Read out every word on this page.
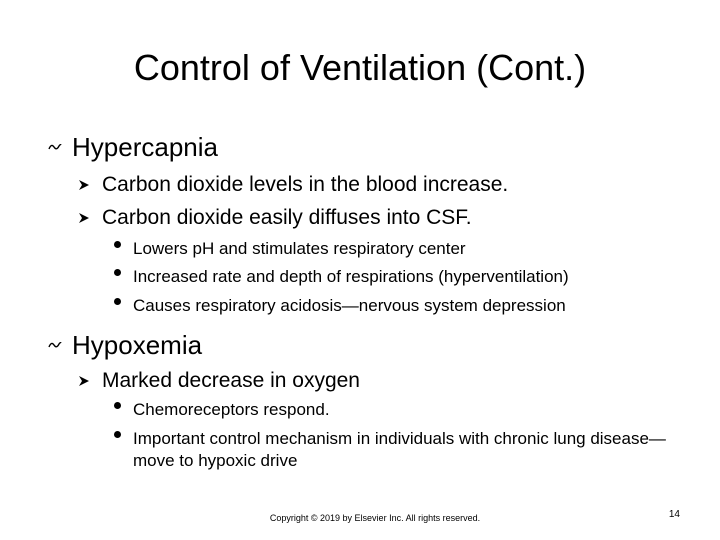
Control of Ventilation (Cont.)
Hypercapnia
Carbon dioxide levels in the blood increase.
Carbon dioxide easily diffuses into CSF.
Lowers pH and stimulates respiratory center
Increased rate and depth of respirations (hyperventilation)
Causes respiratory acidosis—nervous system depression
Hypoxemia
Marked decrease in oxygen
Chemoreceptors respond.
Important control mechanism in individuals with chronic lung disease—move to hypoxic drive
Copyright © 2019 by Elsevier Inc. All rights reserved.	14
